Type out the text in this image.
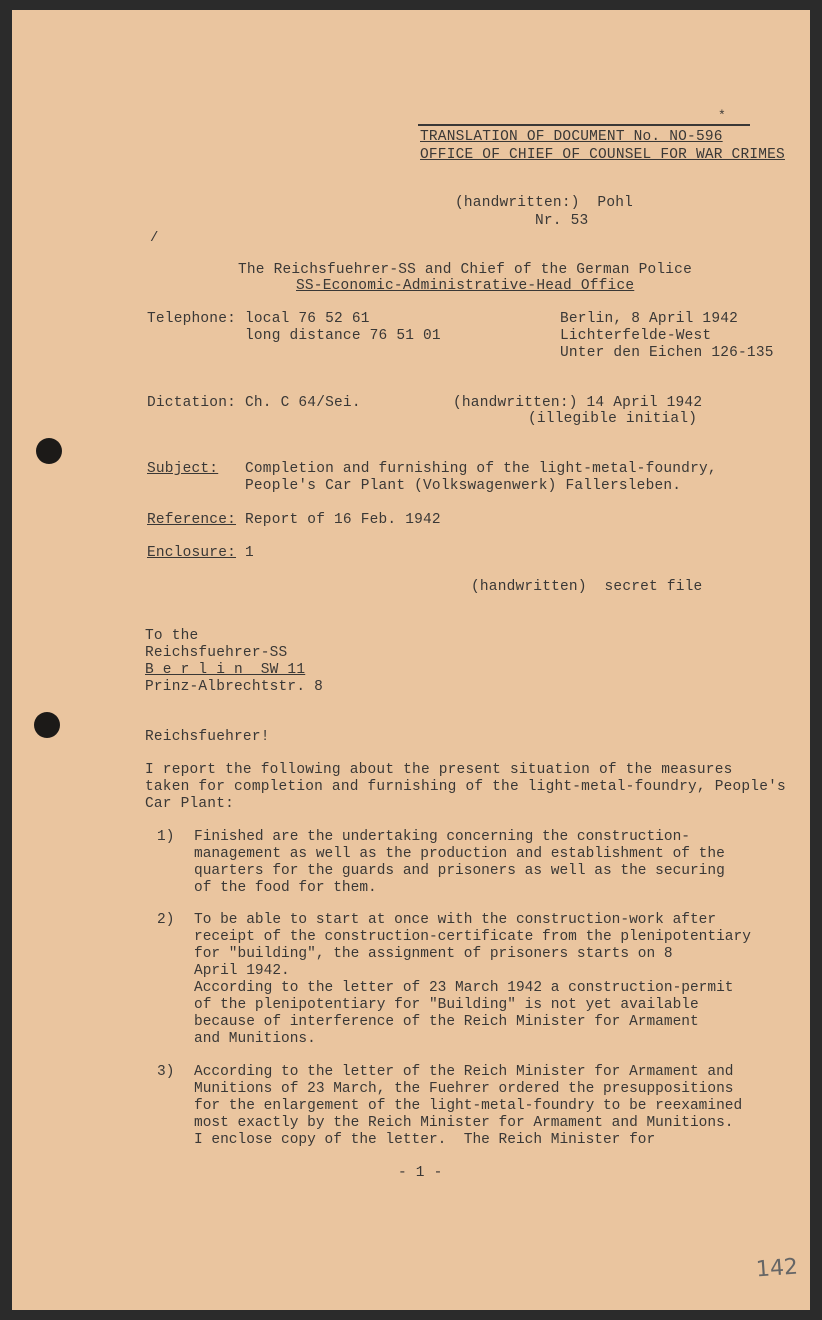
*
TRANSLATION OF DOCUMENT No. NO-596
OFFICE OF CHIEF OF COUNSEL FOR WAR CRIMES
(handwritten:)  Pohl
Nr. 53
/
The Reichsfuehrer-SS and Chief of the German Police
SS-Economic-Administrative-Head Office
Telephone: local 76 52 61
long distance 76 51 01
Berlin, 8 April 1942
Lichterfelde-West
Unter den Eichen 126-135
Dictation: Ch. C 64/Sei.	(handwritten:) 14 April 1942
(illegible initial)
Subject: Completion and furnishing of the light-metal-foundry,
People's Car Plant (Volkswagenwerk) Fallersleben.
Reference: Report of 16 Feb. 1942
Enclosure: 1
(handwritten)  secret file
To the
Reichsfuehrer-SS
B e r l i n  SW 11
Prinz-Albrechtstr. 8
Reichsfuehrer!
I report the following about the present situation of the measures
taken for completion and furnishing of the light-metal-foundry, People's
Car Plant:
1) Finished are the undertaking concerning the construction-
management as well as the production and establishment of the
quarters for the guards and prisoners as well as the securing
of the food for them.
2) To be able to start at once with the construction-work after
receipt of the construction-certificate from the plenipotentiary
for "building", the assignment of prisoners starts on 8
April 1942.
According to the letter of 23 March 1942 a construction-permit
of the plenipotentiary for "Building" is not yet available
because of interference of the Reich Minister for Armament
and Munitions.
3) According to the letter of the Reich Minister for Armament and
Munitions of 23 March, the Fuehrer ordered the presuppositions
for the enlargement of the light-metal-foundry to be reexamined
most exactly by the Reich Minister for Armament and Munitions.
I enclose copy of the letter.  The Reich Minister for
- 1 -
142
